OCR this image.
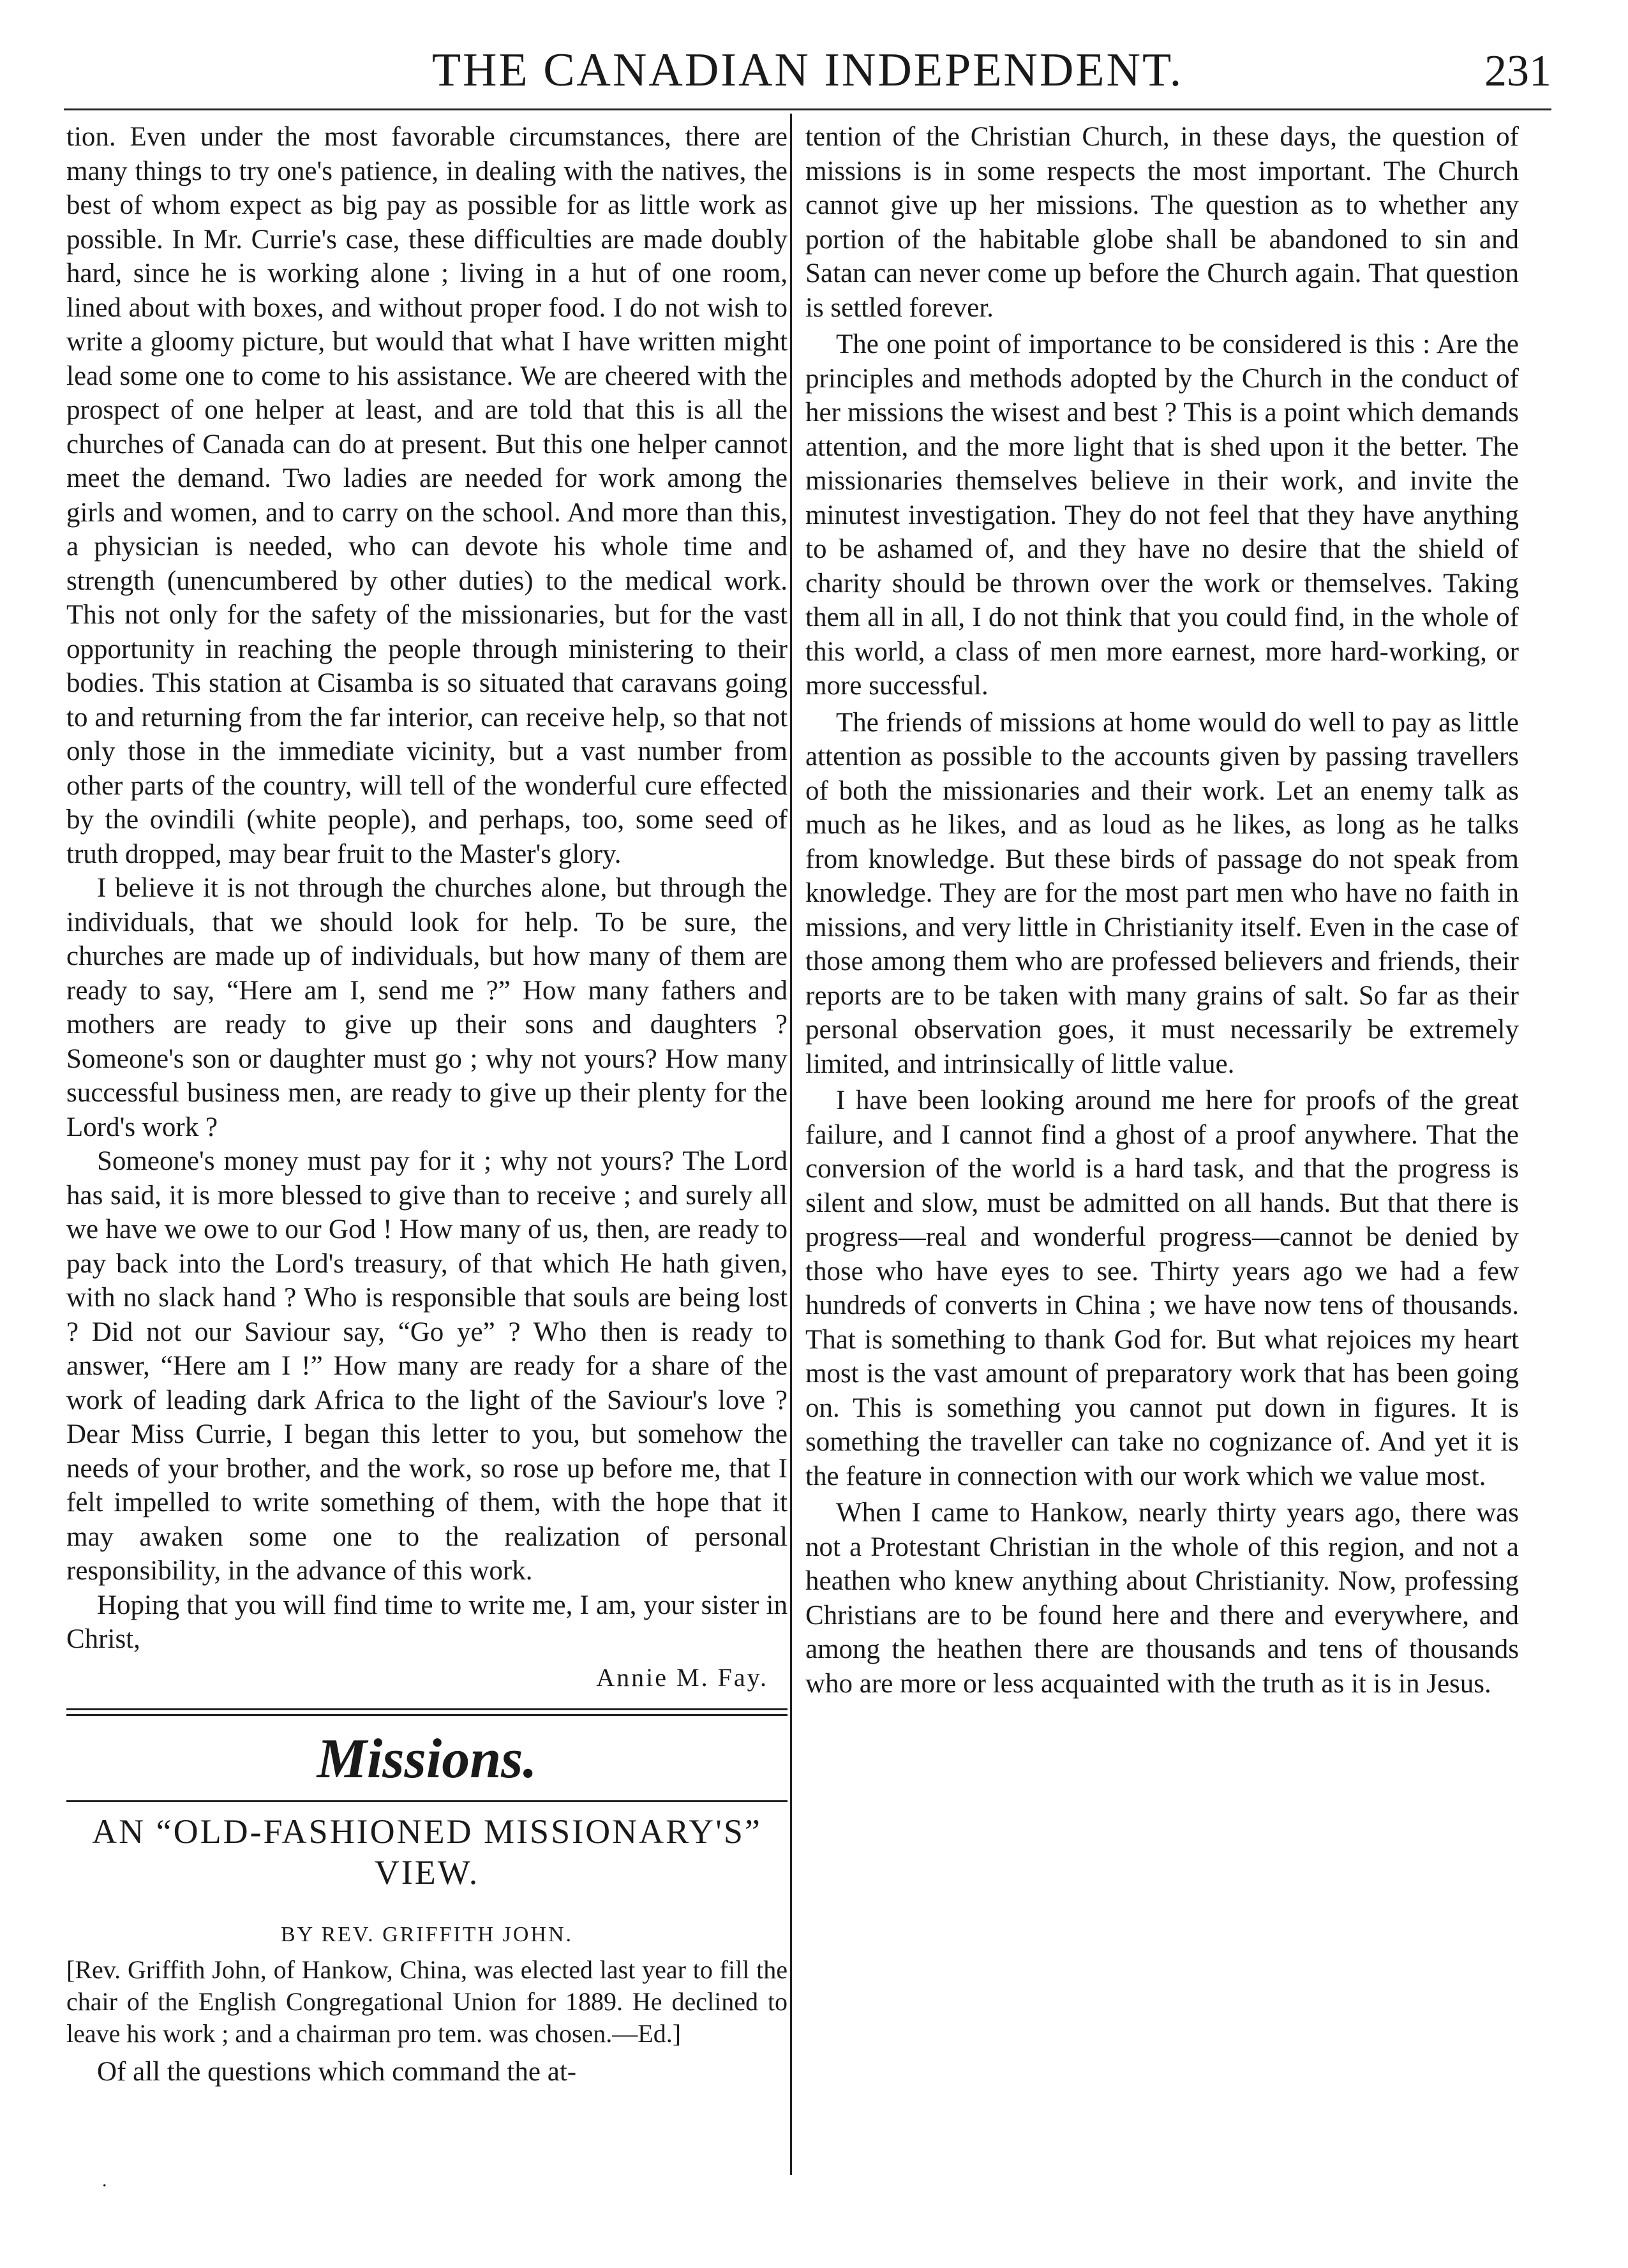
THE CANADIAN INDEPENDENT.	231

tion. Even under the most favorable circumstances, there are many things to try one's patience, in dealing with the natives, the best of whom expect as big pay as possible for as little work as possible. In Mr. Currie's case, these difficulties are made doubly hard, since he is working alone ; living in a hut of one room, lined about with boxes, and without proper food. I do not wish to write a gloomy picture, but would that what I have written might lead some one to come to his assistance. We are cheered with the prospect of one helper at least, and are told that this is all the churches of Canada can do at present. But this one helper cannot meet the demand. Two ladies are needed for work among the girls and women, and to carry on the school. And more than this, a physician is needed, who can devote his whole time and strength (unencumbered by other duties) to the medical work. This not only for the safety of the missionaries, but for the vast opportunity in reaching the people through ministering to their bodies. This station at Cisamba is so situated that caravans going to and returning from the far interior, can receive help, so that not only those in the immediate vicinity, but a vast number from other parts of the country, will tell of the wonderful cure effected by the ovindili (white people), and perhaps, too, some seed of truth dropped, may bear fruit to the Master's glory.

I believe it is not through the churches alone, but through the individuals, that we should look for help. To be sure, the churches are made up of individuals, but how many of them are ready to say, “Here am I, send me ?” How many fathers and mothers are ready to give up their sons and daughters ? Someone's son or daughter must go ; why not yours? How many successful business men, are ready to give up their plenty for the Lord's work ?

Someone's money must pay for it ; why not yours? The Lord has said, it is more blessed to give than to receive ; and surely all we have we owe to our God ! How many of us, then, are ready to pay back into the Lord's treasury, of that which He hath given, with no slack hand ? Who is responsible that souls are being lost ? Did not our Saviour say, “Go ye” ? Who then is ready to answer, “Here am I !” How many are ready for a share of the work of leading dark Africa to the light of the Saviour's love ? Dear Miss Currie, I began this letter to you, but somehow the needs of your brother, and the work, so rose up before me, that I felt impelled to write something of them, with the hope that it may awaken some one to the realization of personal responsibility, in the advance of this work.

Hoping that you will find time to write me, I am, your sister in Christ,

Annie M. Fay.
Missions.
AN “OLD-FASHIONED MISSIONARY'S” VIEW.
BY REV. GRIFFITH JOHN.

[Rev. Griffith John, of Hankow, China, was elected last year to fill the chair of the English Congregational Union for 1889. He declined to leave his work ; and a chairman pro tem. was chosen.—Ed.]

Of all the questions which command the at-

tention of the Christian Church, in these days, the question of missions is in some respects the most important. The Church cannot give up her missions. The question as to whether any portion of the habitable globe shall be abandoned to sin and Satan can never come up before the Church again. That question is settled forever.

The one point of importance to be considered is this : Are the principles and methods adopted by the Church in the conduct of her missions the wisest and best ? This is a point which demands attention, and the more light that is shed upon it the better. The missionaries themselves believe in their work, and invite the minutest investigation. They do not feel that they have anything to be ashamed of, and they have no desire that the shield of charity should be thrown over the work or themselves. Taking them all in all, I do not think that you could find, in the whole of this world, a class of men more earnest, more hard-working, or more successful.

The friends of missions at home would do well to pay as little attention as possible to the accounts given by passing travellers of both the missionaries and their work. Let an enemy talk as much as he likes, and as loud as he likes, as long as he talks from knowledge. But these birds of passage do not speak from knowledge. They are for the most part men who have no faith in missions, and very little in Christianity itself. Even in the case of those among them who are professed believers and friends, their reports are to be taken with many grains of salt. So far as their personal observation goes, it must necessarily be extremely limited, and intrinsically of little value.

I have been looking around me here for proofs of the great failure, and I cannot find a ghost of a proof anywhere. That the conversion of the world is a hard task, and that the progress is silent and slow, must be admitted on all hands. But that there is progress—real and wonderful progress—cannot be denied by those who have eyes to see. Thirty years ago we had a few hundreds of converts in China ; we have now tens of thousands. That is something to thank God for. But what rejoices my heart most is the vast amount of preparatory work that has been going on. This is something you cannot put down in figures. It is something the traveller can take no cognizance of. And yet it is the feature in connection with our work which we value most.

When I came to Hankow, nearly thirty years ago, there was not a Protestant Christian in the whole of this region, and not a heathen who knew anything about Christianity. Now, professing Christians are to be found here and there and everywhere, and among the heathen there are thousands and tens of thousands who are more or less acquainted with the truth as it is in Jesus.

.
